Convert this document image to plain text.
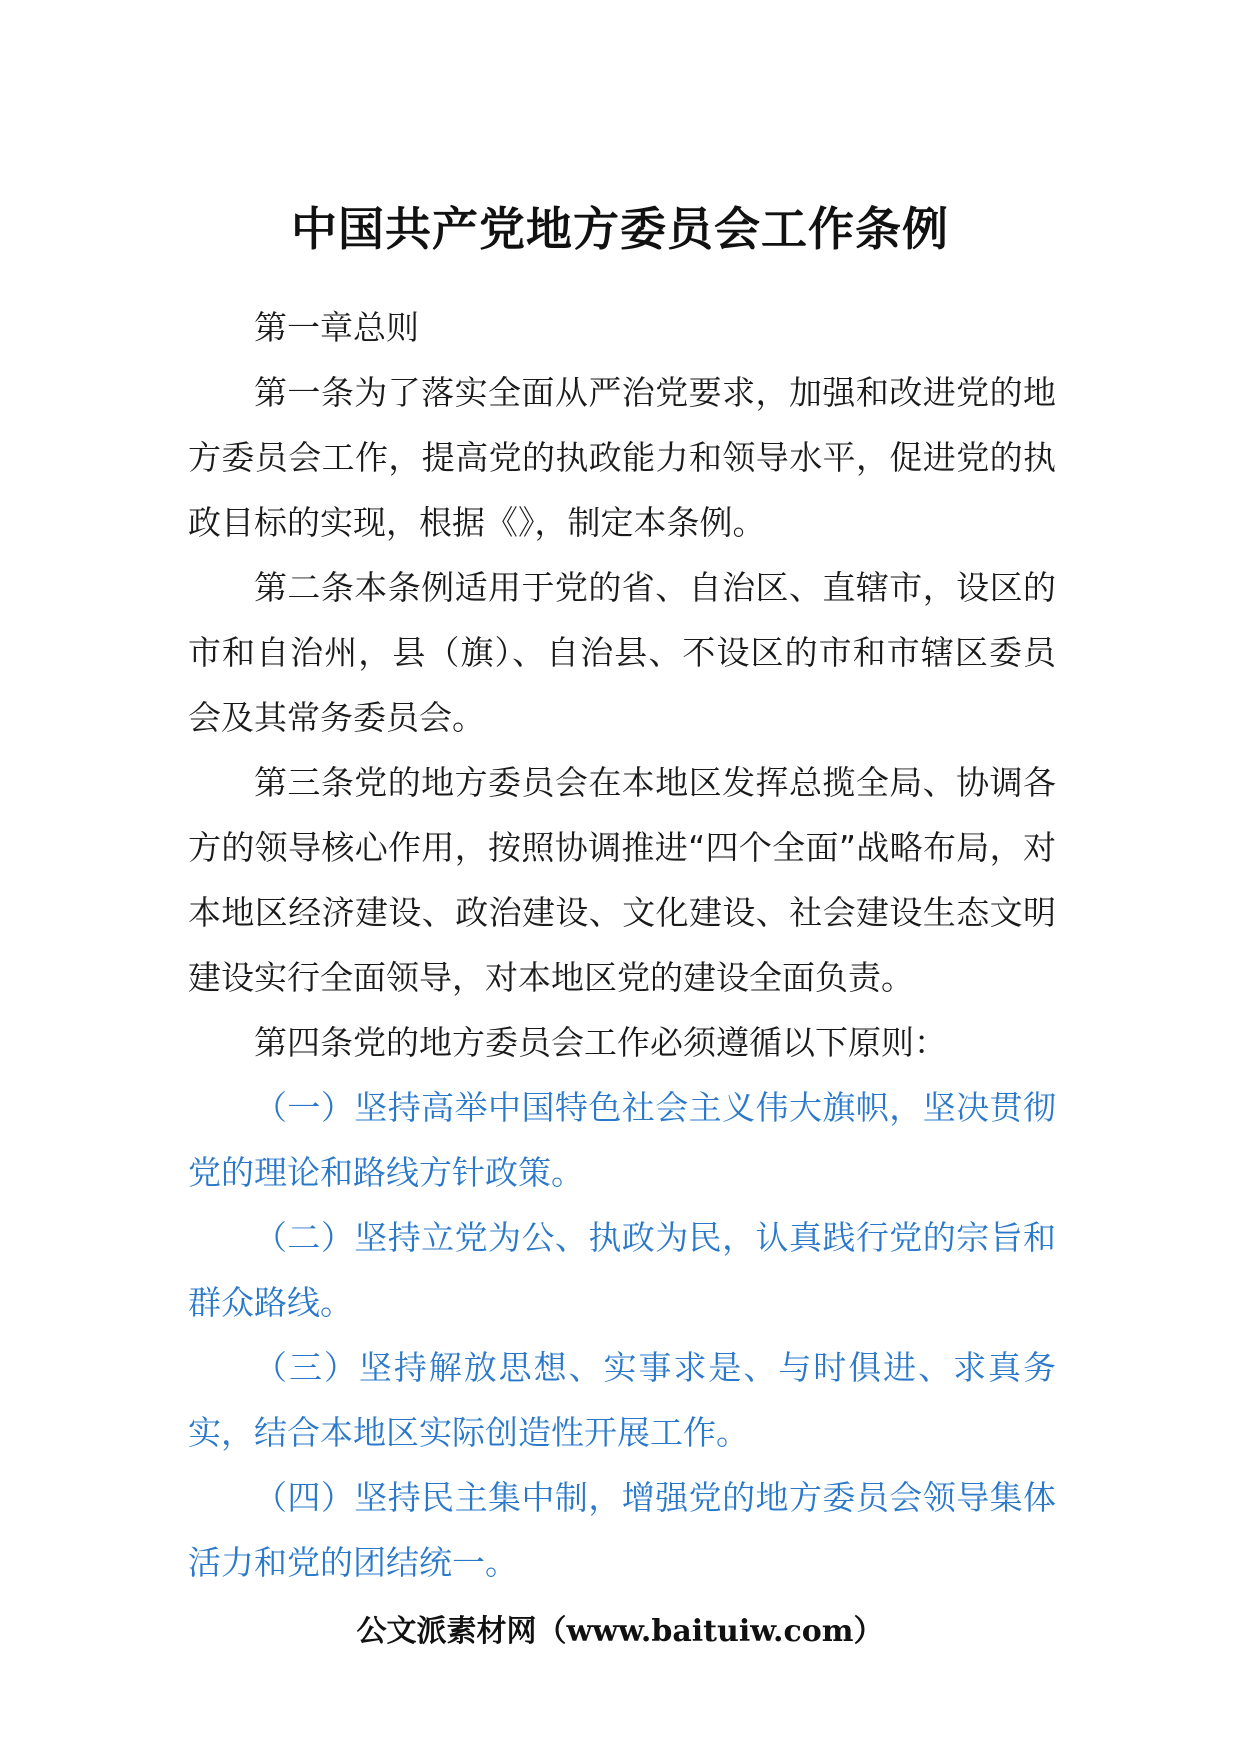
中国共产党地方委员会工作条例

第一章总则

第一条为了落实全面从严治党要求，加强和改进党的地方委员会工作，提高党的执政能力和领导水平，促进党的执政目标的实现，根据《》，制定本条例。

第二条本条例适用于党的省、自治区、直辖市，设区的市和自治州，县（旗）、自治县、不设区的市和市辖区委员会及其常务委员会。

第三条党的地方委员会在本地区发挥总揽全局、协调各方的领导核心作用，按照协调推进“四个全面”战略布局，对本地区经济建设、政治建设、文化建设、社会建设生态文明建设实行全面领导，对本地区党的建设全面负责。

第四条党的地方委员会工作必须遵循以下原则：

（一）坚持高举中国特色社会主义伟大旗帜，坚决贯彻党的理论和路线方针政策。

（二）坚持立党为公、执政为民，认真践行党的宗旨和群众路线。

（三）坚持解放思想、实事求是、与时俱进、求真务实，结合本地区实际创造性开展工作。

（四）坚持民主集中制，增强党的地方委员会领导集体活力和党的团结统一。

公文派素材网（www.baituiw.com）
